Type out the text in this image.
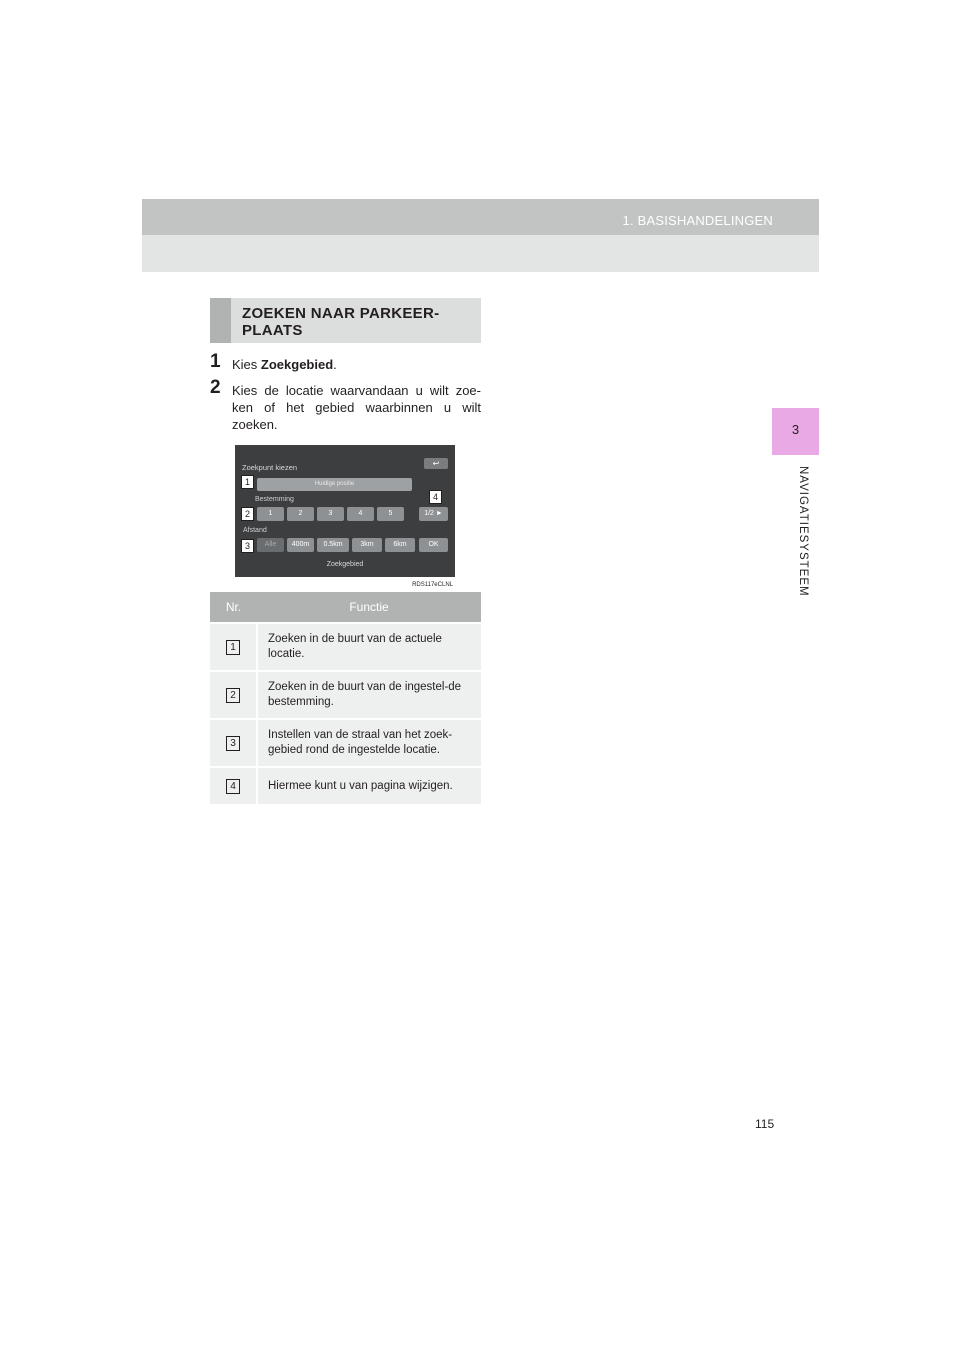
1. BASISHANDELINGEN
3
NAVIGATIESYSTEEM
ZOEKEN NAAR PARKEER-
PLAATS
1 Kies Zoekgebied.
2 Kies de locatie waarvandaan u wilt zoe-ken of het gebied waarbinnen u wilt zoeken.
Zoekpunt kiezen	↩
Huidige positie
Bestemming
1	2	3	4	5	1/2 ►
Afstand
Alle	400m	0.5km	3km	6km	OK
Zoekgebied
RDS117eCLNL
1
2
3
4
Nr.	Functie
1	Zoeken in de buurt van de actuele locatie.
2	Zoeken in de buurt van de ingestel-de bestemming.
3	Instellen van de straal van het zoek-gebied rond de ingestelde locatie.
4	Hiermee kunt u van pagina wijzigen.
115
